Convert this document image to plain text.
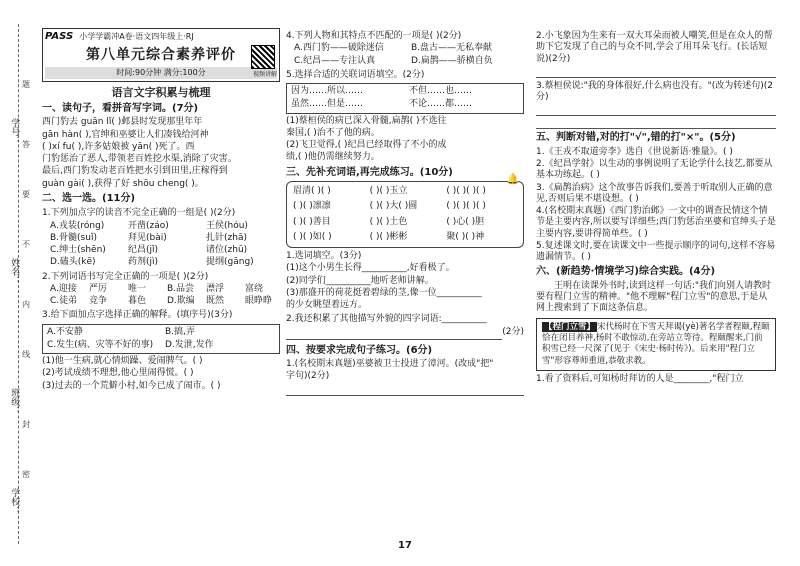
学号：
姓名：
班级：
学校：
题
答
要
不
内
线
封
密
PASS 小学学霸冲A卷·语文四年级上·RJ
第八单元综合素养评价
时间:90分钟 满分:100分	视频讲解
语言文字积累与梳理
一、读句子，看拼音写字词。(7分)

西门豹去 guān lǐ( )邺县时发现那里年年

gān hàn( ),官绅和巫婆让人们凑钱给河神

( )xí fu( ),许多姑娘被 yān( )死了。西

门豹惩治了恶人,带领老百姓挖水渠,消除了灾害。

最后,西门豹发动老百姓把水引到田里,庄稼得到

guàn gài( ),获得了好 shōu cheng( )。

二、选一选。(11分)

1.下列加点字的读音不完全正确的一组是( )(2分)

A.戎装(róng)	开凿(záo)	王侯(hóu)
B.骨髓(suǐ)	拜见(bài)	扎针(zhā)
C.绅士(shēn)	纪昌(jǐ)	诸位(zhū)
D.磕头(kē)	药剂(jì)	提纲(gāng)

2.下列词语书写完全正确的一项是( )(2分)

A.迎接	严厉	唯一	B.品尝	漂浮	富绕
C.徒弟	竞争	暮色	D.欺编	既然	眼睁睁

3.给下面加点字选择正确的解释。(填序号)(3分)

A.不安静	B.搞,弄
C.发生(病、灾等不好的事)	D.发泄,发作

(1)他一生病,就心情烦躁、爱闹脾气。( )

(2)考试成绩不理想,他心里闹得慌。( )

(3)过去的一个荒僻小村,如今已成了闹市。( )

4.下列人物和其特点不匹配的一项是( )(2分)

A.西门豹——破除迷信	B.盘古——无私奉献
C.纪昌——专注认真	D.扁鹊——骄横自负

5.选择合适的关联词语填空。(2分)

因为……所以……	不但……也……
虽然……但是……	不论……都……

(1)蔡桓侯的病已深入骨髓,扁鹊( )不选往

秦国,( )治不了他的病。

(2)飞卫觉得,( )纪昌已经取得了不小的成

绩,( )他仍需继续努力。

三、先补充词语,再完成练习。(10分)
🔔
眉清( )( )	( )( )玉立	( )( )( )( )
( )( )凛凛	( )( )大( )圆	( )( )( )( )
( )( )善目	( )( )土色	( )心( )胆
( )( )如( )	( )( )彬彬	聚( )( )神

1.选词填空。(3分)

(1)这个小男生长得__________,好看极了。

(2)同学们__________地听老师讲解。

(3)那盛开的荷花挺着碧绿的茎,像一位__________

的少女眺望着远方。

2.我还积累了其他描写外貌的四字词语:__________

(2分)
四、按要求完成句子练习。(6分)

1.(名校期末真题)巫婆被卫士投进了漳河。(改成"把"

字句)(2分)

2.小飞象因为生来有一双大耳朵而被人嘲笑,但是在众人的帮助下它发现了自己的与众不同,学会了用耳朵飞行。(长话短说)(2分)

3.蔡桓侯说:"我的身体很好,什么病也没有。"(改为转述句)(2分)

五、判断对错,对的打"√",错的打"×"。(5分)

1.《王戎不取道旁李》选自《世说新语·雅量》。( )

2.《纪昌学射》以生动的事例说明了无论学什么技艺,都要从基本功练起。( )

3.《扁鹊治病》这个故事告诉我们,要善于听取别人正确的意见,否则后果不堪设想。( )

4.(名校期末真题)《西门豹治邺》一文中的调查民情这个情节是主要内容,所以要写详细些;西门豹惩治巫婆和官绅头子是主要内容,要讲得简单些。( )

5.复述课文时,要在读课文中一些提示顺序的词句,这样不容易遗漏情节。( )

六、(新趋势·情境学习)综合实践。(4分)

王明在读课外书时,读到这样一句话:"我们向别人请教时要有程门立雪的精神。"他不理解"程门立雪"的意思,于是从网上搜索到了下面这条信息。

【程门立雪】 宋代杨时在下雪天拜谒(yè)著名学者程颐,程颐恰在闭目养神,杨时不敢惊动,在旁站立等待。程颐醒来,门前积雪已经一尺深了(见于《宋史·杨时传》)。后来用"程门立雪"形容尊师重道,恭敬求教。

1.看了资料后,可知杨时拜访的人是________,"程门立

17
